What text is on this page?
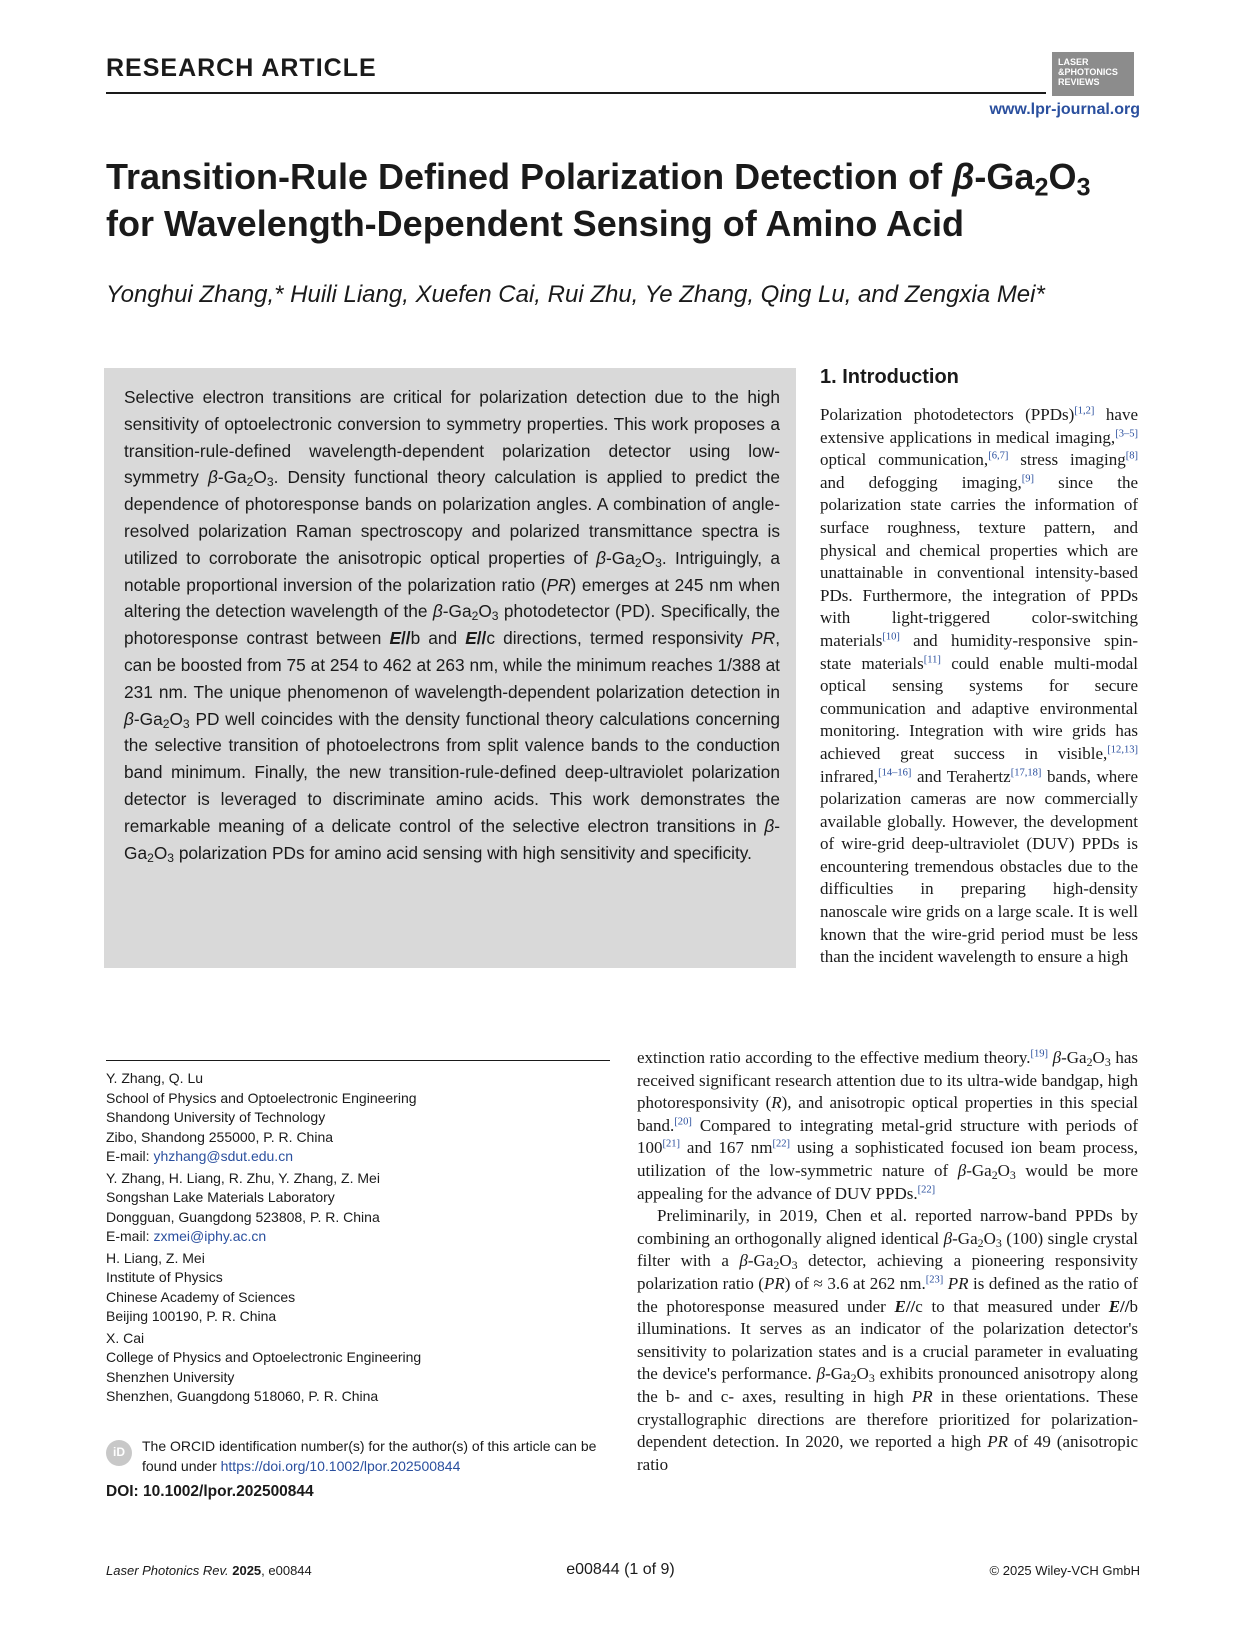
RESEARCH ARTICLE	LASER
&PHOTONICS
REVIEWS
www.lpr-journal.org
Transition-Rule Defined Polarization Detection of $\beta-Ga_2O_3$ for Wavelength-Dependent Sensing of Amino Acid
Yonghui Zhang,* Huili Liang, Xuefen Cai, Rui Zhu, Ye Zhang, Qing Lu, and Zengxia Mei*

Selective electron transitions are critical for polarization detection due to the high sensitivity of optoelectronic conversion to symmetry properties. This work proposes a transition-rule-defined wavelength-dependent polarization detector using low-symmetry $\beta-Ga_2O_3$. Density functional theory calculation is applied to predict the dependence of photoresponse bands on polarization angles. A combination of angle-resolved polarization Raman spectroscopy and polarized transmittance spectra is utilized to corroborate the anisotropic optical properties of $\beta-Ga_2O_3$. Intriguingly, a notable proportional inversion of the polarization ratio (PR) emerges at 245 nm when altering the detection wavelength of the $\beta-Ga_2O_3$ photodetector (PD). Specifically, the photoresponse contrast between E//b and E//c directions, termed responsivity PR, can be boosted from 75 at 254 to 462 at 263 nm, while the minimum reaches 1/388 at 231 nm. The unique phenomenon of wavelength-dependent polarization detection in $\beta-Ga_2O_3$ PD well coincides with the density functional theory calculations concerning the selective transition of photoelectrons from split valence bands to the conduction band minimum. Finally, the new transition-rule-defined deep-ultraviolet polarization detector is leveraged to discriminate amino acids. This work demonstrates the remarkable meaning of a delicate control of the selective electron transitions in $\beta-Ga_2O_3$ polarization PDs for amino acid sensing with high sensitivity and specificity.

1. Introduction

Polarization photodetectors (PPDs)[1,2] have extensive applications in medical imaging,[3–5] optical communication,[6,7] stress imaging[8] and defogging imaging,[9] since the polarization state carries the information of surface roughness, texture pattern, and physical and chemical properties which are unattainable in conventional intensity-based PDs. Furthermore, the integration of PPDs with light-triggered color-switching materials[10] and humidity-responsive spin-state materials[11] could enable multi-modal optical sensing systems for secure communication and adaptive environmental monitoring. Integration with wire grids has achieved great success in visible,[12,13] infrared,[14–16] and Terahertz[17,18] bands, where polarization cameras are now commercially available globally. However, the development of wire-grid deep-ultraviolet (DUV) PPDs is encountering tremendous obstacles due to the difficulties in preparing high-density nanoscale wire grids on a large scale. It is well known that the wire-grid period must be less than the incident wavelength to ensure a high

extinction ratio according to the effective medium theory.[19] $\beta-Ga_2O_3$ has received significant research attention due to its ultra-wide bandgap, high photoresponsivity (R), and anisotropic optical properties in this special band.[20] Compared to integrating metal-grid structure with periods of 100[21] and 167 nm[22] using a sophisticated focused ion beam process, utilization of the low-symmetric nature of $\beta-Ga_2O_3$ would be more appealing for the advance of DUV PPDs.[22]

Preliminarily, in 2019, Chen et al. reported narrow-band PPDs by combining an orthogonally aligned identical $\beta-Ga_2O_3$ (100) single crystal filter with a $\beta-Ga_2O_3$ detector, achieving a pioneering responsivity polarization ratio (PR) of ≈ 3.6 at 262 nm.[23] PR is defined as the ratio of the photoresponse measured under E//c to that measured under E//b illuminations. It serves as an indicator of the polarization detector's sensitivity to polarization states and is a crucial parameter in evaluating the device's performance. $\beta-Ga_2O_3$ exhibits pronounced anisotropy along the b- and c- axes, resulting in high PR in these orientations. These crystallographic directions are therefore prioritized for polarization-dependent detection. In 2020, we reported a high PR of 49 (anisotropic ratio

Y. Zhang, Q. Lu
School of Physics and Optoelectronic Engineering
Shandong University of Technology
Zibo, Shandong 255000, P. R. China
E-mail: yhzhang@sdut.edu.cn
Y. Zhang, H. Liang, R. Zhu, Y. Zhang, Z. Mei
Songshan Lake Materials Laboratory
Dongguan, Guangdong 523808, P. R. China
E-mail: zxmei@iphy.ac.cn
H. Liang, Z. Mei
Institute of Physics
Chinese Academy of Sciences
Beijing 100190, P. R. China
X. Cai
College of Physics and Optoelectronic Engineering
Shenzhen University
Shenzhen, Guangdong 518060, P. R. China
iD	The ORCID identification number(s) for the author(s) of this article can be found under https://doi.org/10.1002/lpor.202500844
DOI: 10.1002/lpor.202500844
Laser Photonics Rev. 2025, e00844	e00844 (1 of 9)	© 2025 Wiley-VCH GmbH
